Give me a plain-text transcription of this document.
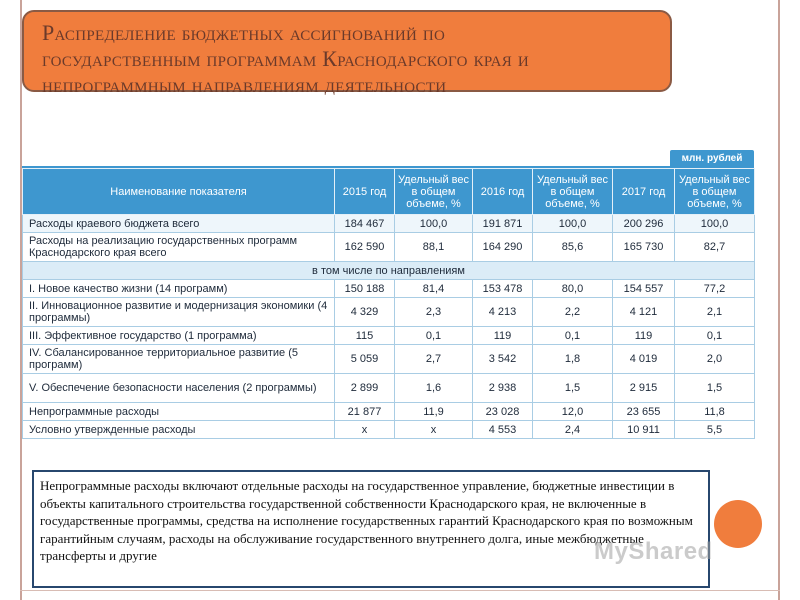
Распределение бюджетных ассигнований по
государственным программам Краснодарского края и
непрограммным направлениям деятельности
млн. рублей
Наименование показателя	2015 год	Удельный вес в общем объеме, %	2016 год	Удельный вес в общем объеме, %	2017 год	Удельный вес в общем объеме, %
Расходы краевого бюджета всего	184 467	100,0	191 871	100,0	200 296	100,0
Расходы на реализацию государственных программ Краснодарского края всего	162 590	88,1	164 290	85,6	165 730	82,7
в том числе по направлениям						
I. Новое качество жизни (14 программ)	150 188	81,4	153 478	80,0	154 557	77,2
II. Инновационное развитие и модернизация экономики (4 программы)	4 329	2,3	4 213	2,2	4 121	2,1
III. Эффективное государство (1 программа)	115	0,1	119	0,1	119	0,1
IV. Сбалансированное территориальное развитие (5 программ)	5 059	2,7	3 542	1,8	4 019	2,0
V. Обеспечение безопасности населения (2 программы)	2 899	1,6	2 938	1,5	2 915	1,5
Непрограммные расходы	21 877	11,9	23 028	12,0	23 655	11,8
Условно утвержденные расходы	х	х	4 553	2,4	10 911	5,5
Непрограммные расходы включают отдельные расходы на государственное управление, бюджетные инвестиции в объекты капитального строительства государственной собственности Краснодарского края, не включенные в государственные программы, средства на исполнение государственных гарантий Краснодарского края по возможным гарантийным случаям, расходы на обслуживание государственного внутреннего долга, иные межбюджетные трансферты и другие	MyShared
